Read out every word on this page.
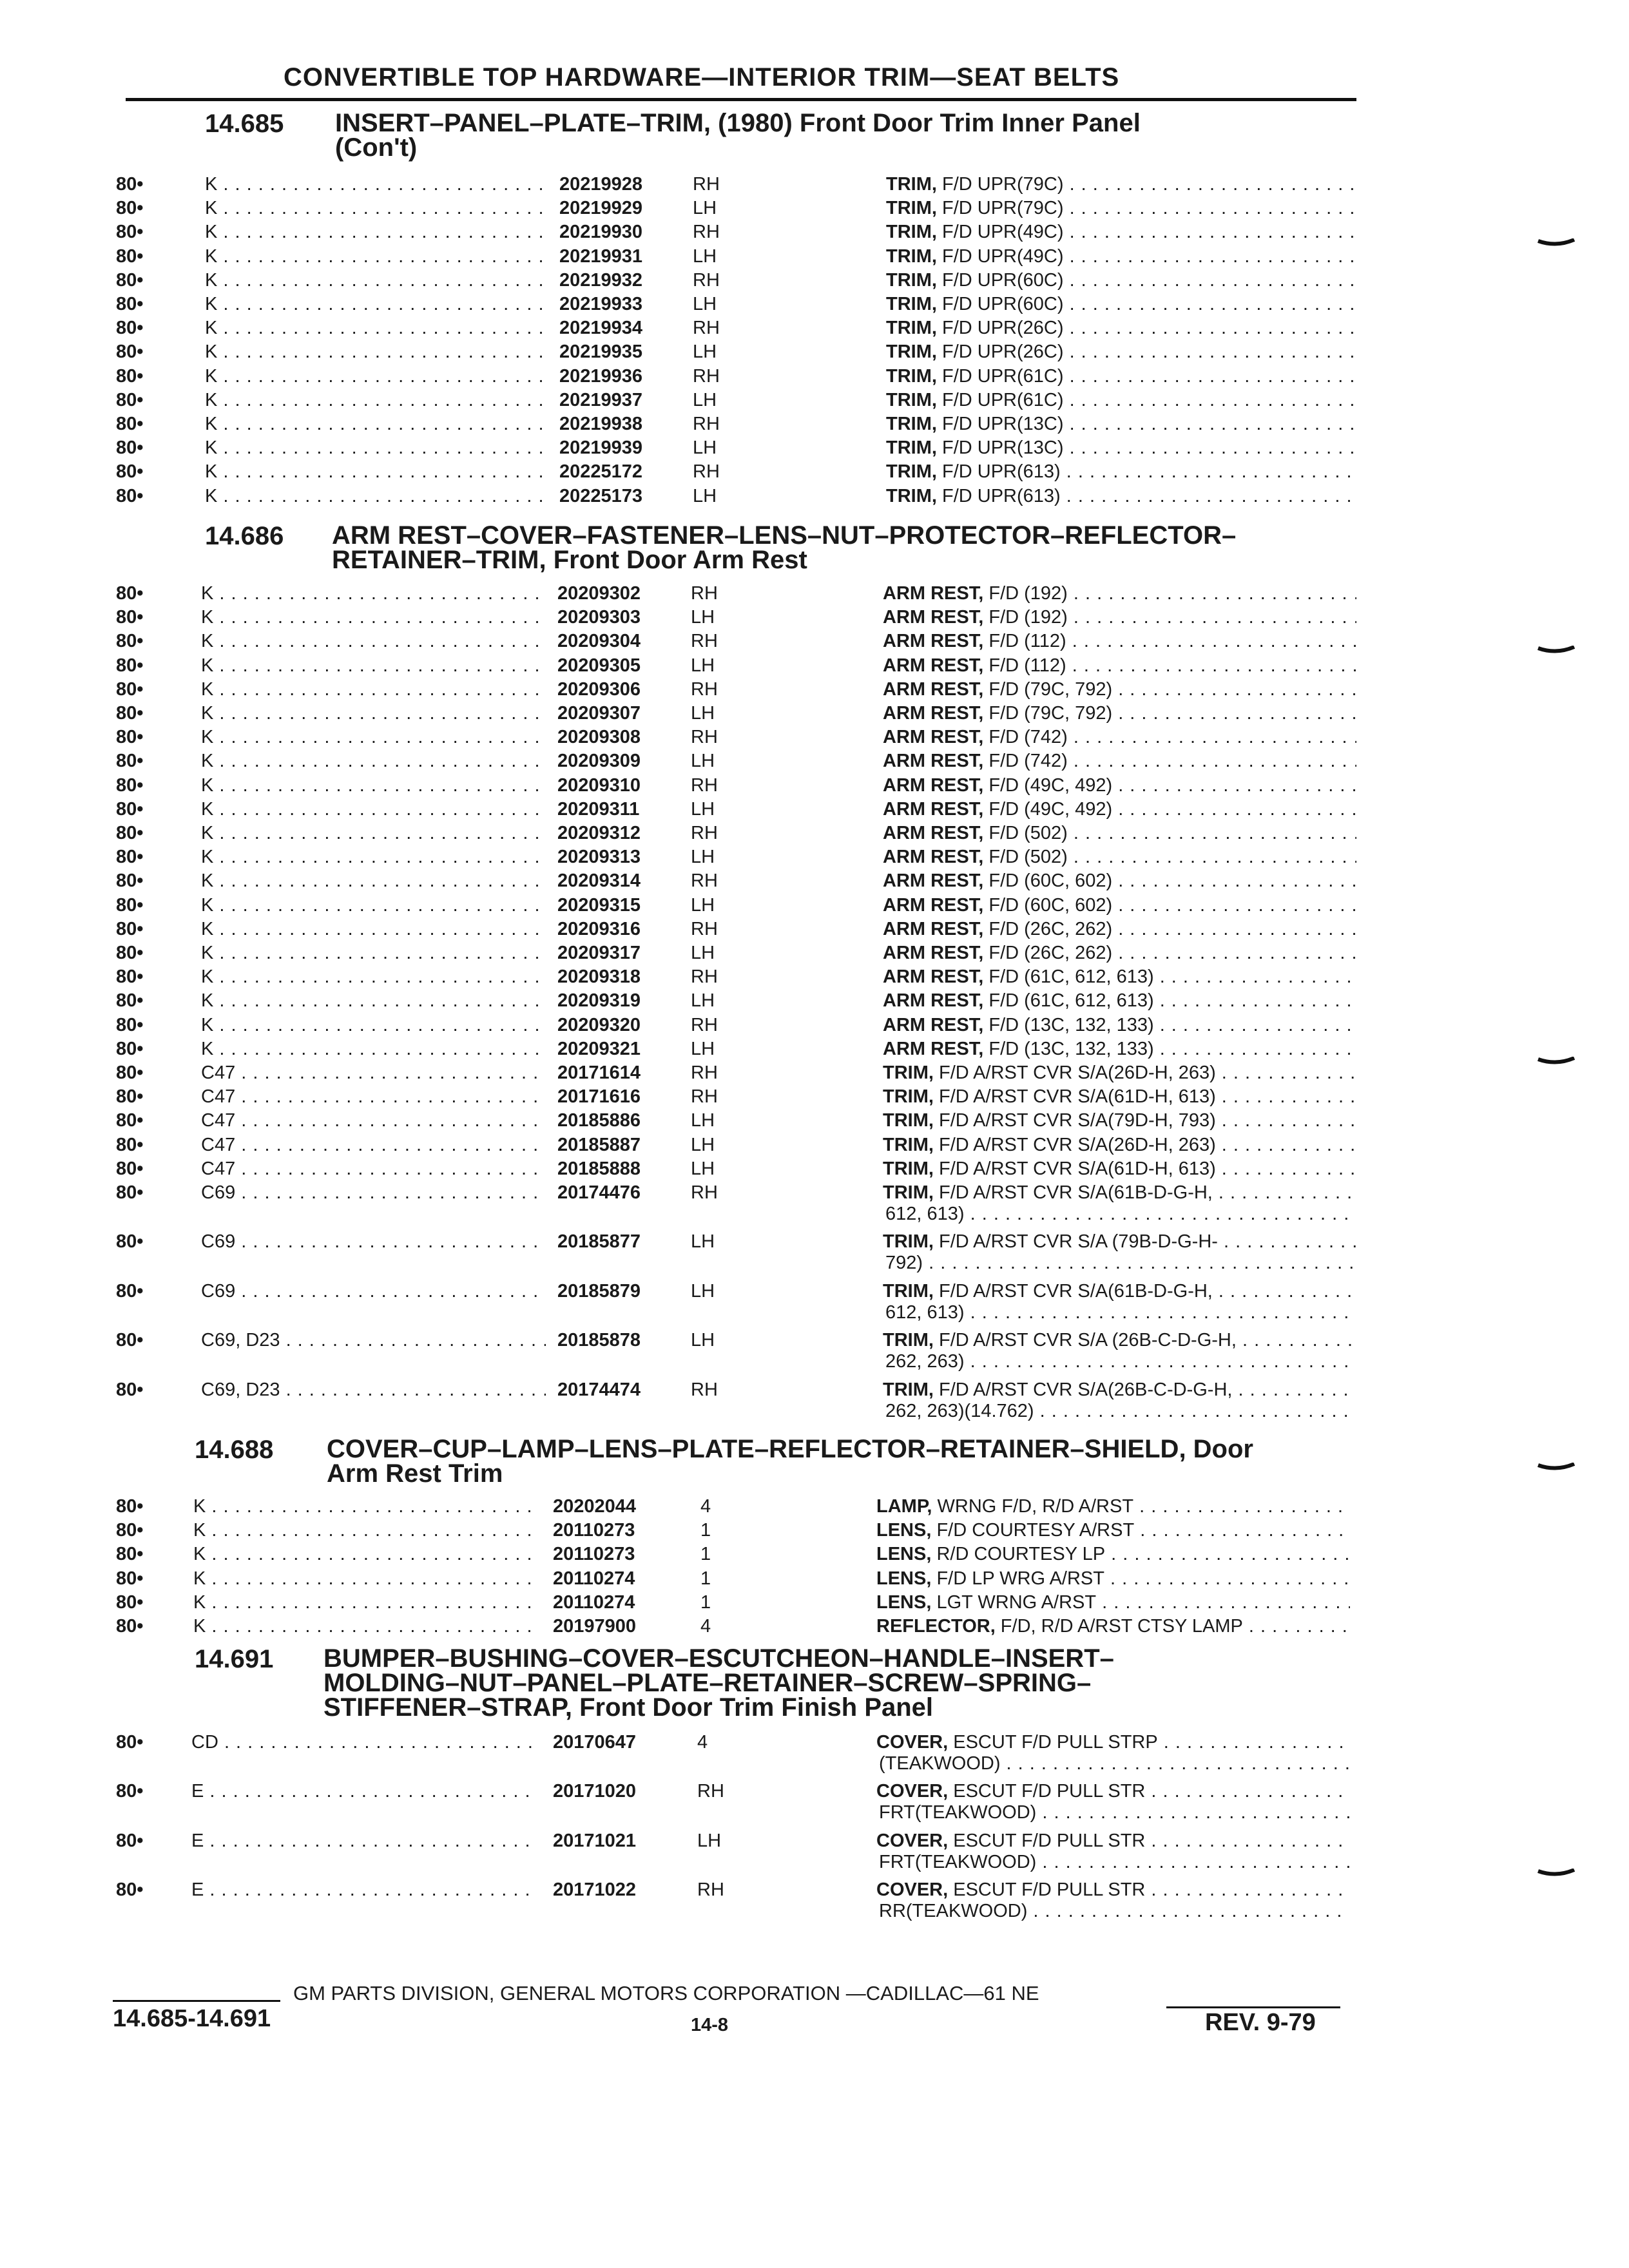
CONVERTIBLE TOP HARDWARE—INTERIOR TRIM—SEAT BELTS
14.685 INSERT–PANEL–PLATE–TRIM, (1980) Front Door Trim Inner Panel
(Con't)
80•	K . . .	20219928	RH	TRIM, F/D UPR(79C) . . .
80•	K . . .	20219929	LH	TRIM, F/D UPR(79C) . . .
80•	K . . .	20219930	RH	TRIM, F/D UPR(49C) . . .
80•	K . . .	20219931	LH	TRIM, F/D UPR(49C) . . .
80•	K . . .	20219932	RH	TRIM, F/D UPR(60C) . . .
80•	K . . .	20219933	LH	TRIM, F/D UPR(60C) . . .
80•	K . . .	20219934	RH	TRIM, F/D UPR(26C) . . .
80•	K . . .	20219935	LH	TRIM, F/D UPR(26C) . . .
80•	K . . .	20219936	RH	TRIM, F/D UPR(61C) . . .
80•	K . . .	20219937	LH	TRIM, F/D UPR(61C) . . .
80•	K . . .	20219938	RH	TRIM, F/D UPR(13C) . . .
80•	K . . .	20219939	LH	TRIM, F/D UPR(13C) . . .
80•	K . . .	20225172	RH	TRIM, F/D UPR(613) . . .
80•	K . . .	20225173	LH	TRIM, F/D UPR(613) . . .
14.686 ARM REST–COVER–FASTENER–LENS–NUT–PROTECTOR–REFLECTOR–
RETAINER–TRIM, Front Door Arm Rest
80•	K . . .	20209302	RH	ARM REST, F/D (192) . . .
80•	K . . .	20209303	LH	ARM REST, F/D (192) . . .
80•	K . . .	20209304	RH	ARM REST, F/D (112) . . .
80•	K . . .	20209305	LH	ARM REST, F/D (112) . . .
80•	K . . .	20209306	RH	ARM REST, F/D (79C, 792) . . .
80•	K . . .	20209307	LH	ARM REST, F/D (79C, 792) . . .
80•	K . . .	20209308	RH	ARM REST, F/D (742) . . .
80•	K . . .	20209309	LH	ARM REST, F/D (742) . . .
80•	K . . .	20209310	RH	ARM REST, F/D (49C, 492) . . .
80•	K . . .	20209311	LH	ARM REST, F/D (49C, 492) . . .
80•	K . . .	20209312	RH	ARM REST, F/D (502) . . .
80•	K . . .	20209313	LH	ARM REST, F/D (502) . . .
80•	K . . .	20209314	RH	ARM REST, F/D (60C, 602) . . .
80•	K . . .	20209315	LH	ARM REST, F/D (60C, 602) . . .
80•	K . . .	20209316	RH	ARM REST, F/D (26C, 262) . . .
80•	K . . .	20209317	LH	ARM REST, F/D (26C, 262) . . .
80•	K . . .	20209318	RH	ARM REST, F/D (61C, 612, 613) . . .
80•	K . . .	20209319	LH	ARM REST, F/D (61C, 612, 613) . . .
80•	K . . .	20209320	RH	ARM REST, F/D (13C, 132, 133) . . .
80•	K . . .	20209321	LH	ARM REST, F/D (13C, 132, 133) . . .
80•	C47 . . .	20171614	RH	TRIM, F/D A/RST CVR S/A(26D-H, 263) . . .
80•	C47 . . .	20171616	RH	TRIM, F/D A/RST CVR S/A(61D-H, 613) . . .
80•	C47 . . .	20185886	LH	TRIM, F/D A/RST CVR S/A(79D-H, 793) . . .
80•	C47 . . .	20185887	LH	TRIM, F/D A/RST CVR S/A(26D-H, 263) . . .
80•	C47 . . .	20185888	LH	TRIM, F/D A/RST CVR S/A(61D-H, 613) . . .
80•	C69 . . .	20174476	RH	TRIM, F/D A/RST CVR S/A(61B-D-G-H, . . .
612, 613) . . .
80•	C69 . . .	20185877	LH	TRIM, F/D A/RST CVR S/A (79B-D-G-H- . . .
792) . . .
80•	C69 . . .	20185879	LH	TRIM, F/D A/RST CVR S/A(61B-D-G-H, . . .
612, 613) . . .
80•	C69, D23 . . .	20185878	LH	TRIM, F/D A/RST CVR S/A (26B-C-D-G-H, . . .
262, 263) . . .
80•	C69, D23 . . .	20174474	RH	TRIM, F/D A/RST CVR S/A(26B-C-D-G-H, . . .
262, 263)(14.762) . . .
14.688 COVER–CUP–LAMP–LENS–PLATE–REFLECTOR–RETAINER–SHIELD, Door
Arm Rest Trim
80•	K . . .	20202044	4	LAMP, WRNG F/D, R/D A/RST . . .
80•	K . . .	20110273	1	LENS, F/D COURTESY A/RST . . .
80•	K . . .	20110273	1	LENS, R/D COURTESY LP . . .
80•	K . . .	20110274	1	LENS, F/D LP WRG A/RST . . .
80•	K . . .	20110274	1	LENS, LGT WRNG A/RST . . .
80•	K . . .	20197900	4	REFLECTOR, F/D, R/D A/RST CTSY LAMP . . .
14.691 BUMPER–BUSHING–COVER–ESCUTCHEON–HANDLE–INSERT–
MOLDING–NUT–PANEL–PLATE–RETAINER–SCREW–SPRING–
STIFFENER–STRAP, Front Door Trim Finish Panel
80•	CD . . .	20170647	4	COVER, ESCUT F/D PULL STRP . . .
(TEAKWOOD) . . .
80•	E . . .	20171020	RH	COVER, ESCUT F/D PULL STR . . .
FRT(TEAKWOOD) . . .
80•	E . . .	20171021	LH	COVER, ESCUT F/D PULL STR . . .
FRT(TEAKWOOD) . . .
80•	E . . .	20171022	RH	COVER, ESCUT F/D PULL STR . . .
RR(TEAKWOOD) . . .
GM PARTS DIVISION, GENERAL MOTORS CORPORATION —CADILLAC—61 NE
14.685-14.691	14-8	REV. 9-79
